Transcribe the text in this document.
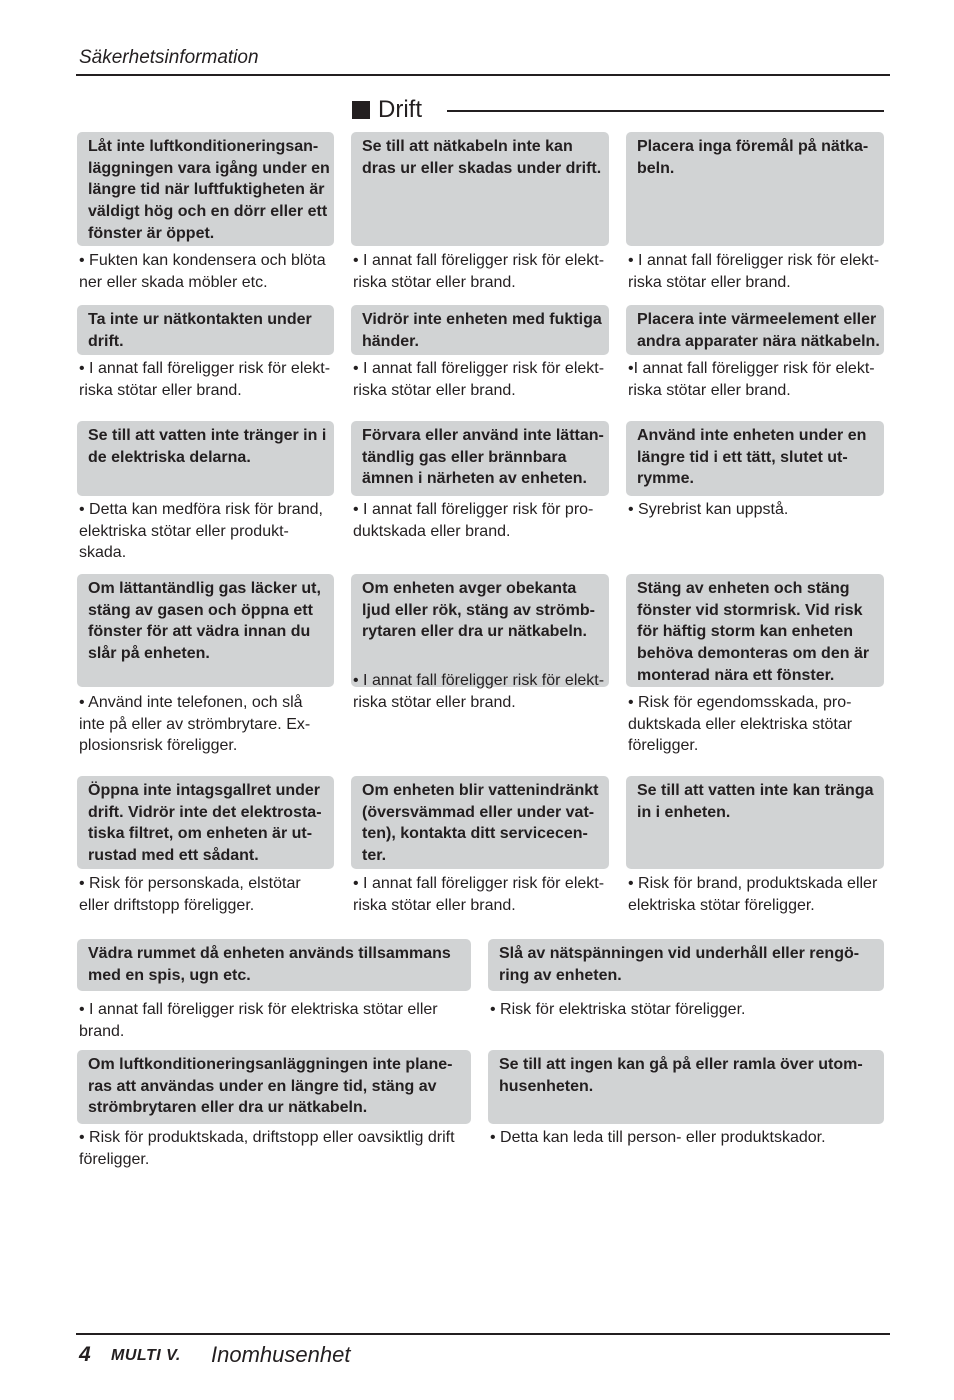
Säkerhetsinformation
Drift
Låt inte luftkonditioneringsan-
läggningen vara igång under en
längre tid när luftfuktigheten är
väldigt hög och en dörr eller ett
fönster är öppet.
• Fukten kan kondensera och blöta
ner eller skada möbler etc.
Se till att nätkabeln inte kan
dras ur eller skadas under drift.
• I annat fall föreligger risk för elekt-
riska stötar eller brand.
Placera inga föremål på nätka-
beln.
• I annat fall föreligger risk för elekt-
riska stötar eller brand.
Ta inte ur nätkontakten under
drift.
• I annat fall föreligger risk för elekt-
riska stötar eller brand.
Vidrör inte enheten med fuktiga
händer.
• I annat fall föreligger risk för elekt-
riska stötar eller brand.
Placera inte värmeelement eller
andra apparater nära nätkabeln.
•I annat fall föreligger risk för elekt-
riska stötar eller brand.
Se till att vatten inte tränger in i
de elektriska delarna.
• Detta kan medföra risk för brand,
elektriska stötar eller produkt-
skada.
Förvara eller använd inte lättan-
tändlig gas eller brännbara
ämnen i närheten av enheten.
• I annat fall föreligger risk för pro-
duktskada eller brand.
Använd inte enheten under en
längre tid i ett tätt, slutet ut-
rymme.
• Syrebrist kan uppstå.
Om lättantändlig gas läcker ut,
stäng av gasen och öppna ett
fönster för att vädra innan du
slår på enheten.
• Använd inte telefonen, och slå
inte på eller av strömbrytare. Ex-
plosionsrisk föreligger.
Om enheten avger obekanta
ljud eller rök, stäng av strömb-
rytaren eller dra ur nätkabeln.
• I annat fall föreligger risk för elekt-
riska stötar eller brand.
Stäng av enheten och stäng
fönster vid stormrisk. Vid risk
för häftig storm kan enheten
behöva demonteras om den är
monterad nära ett fönster.
• Risk för egendomsskada, pro-
duktskada eller elektriska stötar
föreligger.
Öppna inte intagsgallret under
drift. Vidrör inte det elektrosta-
tiska filtret, om enheten är ut-
rustad med ett sådant.
• Risk för personskada, elstötar
eller driftstopp föreligger.
Om enheten blir vattenindränkt
(översvämmad eller under vat-
ten), kontakta ditt servicecen-
ter.
• I annat fall föreligger risk för elekt-
riska stötar eller brand.
Se till att vatten inte kan tränga
in i enheten.
• Risk för brand, produktskada eller
elektriska stötar föreligger.
Vädra rummet då enheten används tillsammans
med en spis, ugn etc.
• I annat fall föreligger risk för elektriska stötar eller
brand.
Slå av nätspänningen vid underhåll eller rengö-
ring av enheten.
• Risk för elektriska stötar föreligger.
Om luftkonditioneringsanläggningen inte plane-
ras att användas under en längre tid, stäng av
strömbrytaren eller dra ur nätkabeln.
• Risk för produktskada, driftstopp eller oavsiktlig drift
föreligger.
Se till att ingen kan gå på eller ramla över utom-
husenheten.
• Detta kan leda till person- eller produktskador.
4 MULTI V. Inomhusenhet
